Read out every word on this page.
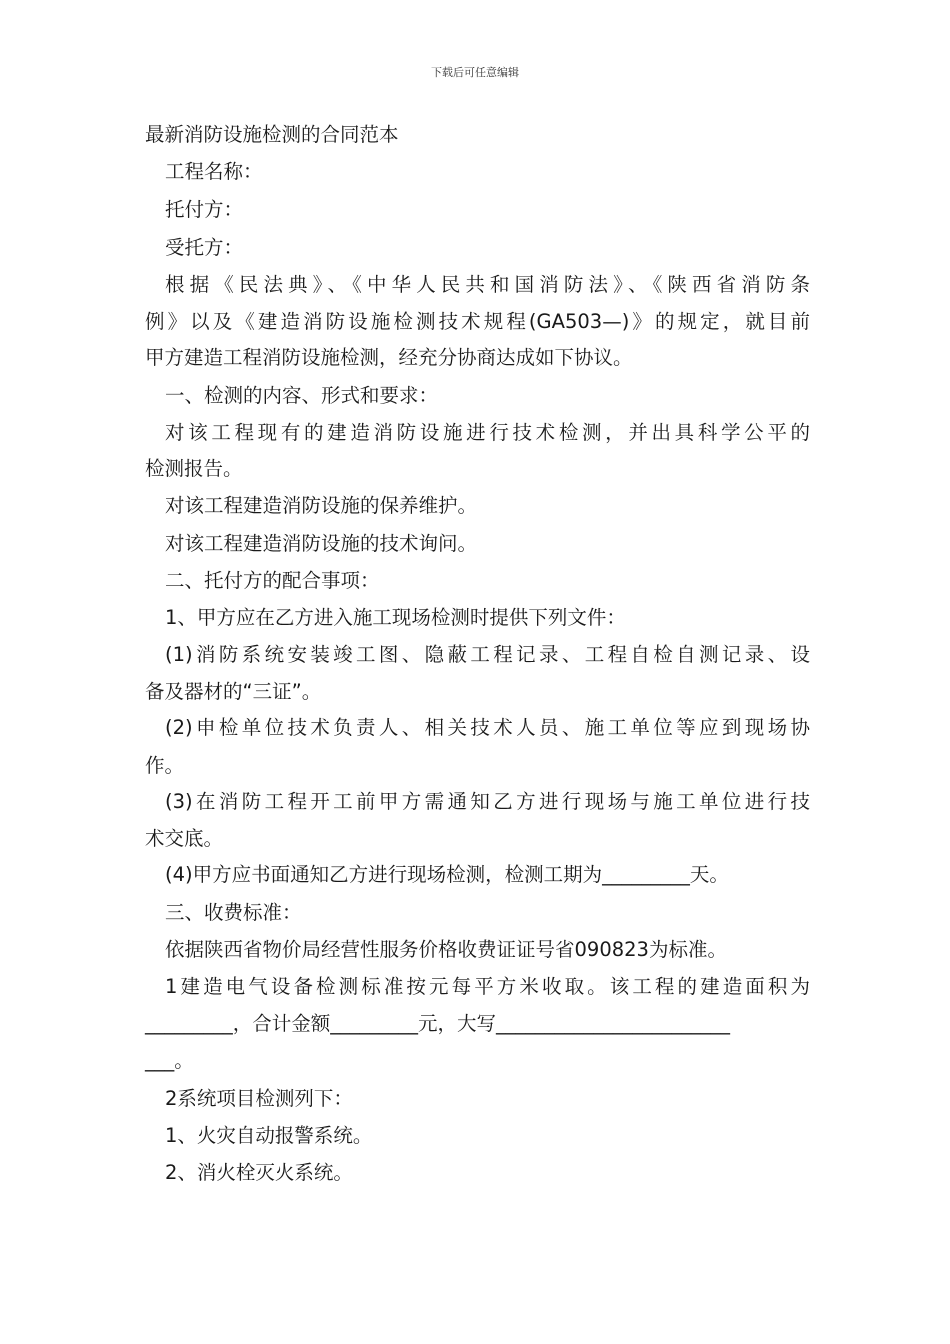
下载后可任意编辑
最新消防设施检测的合同范本
工程名称：
托付方：
受托方：
根据《民法典》、《中华人民共和国消防法》、《陕西省消防条
例》以及《建造消防设施检测技术规程(GA503—)》的规定，就目前
甲方建造工程消防设施检测，经充分协商达成如下协议。
一、检测的内容、形式和要求：
对该工程现有的建造消防设施进行技术检测，并出具科学公平的
检测报告。
对该工程建造消防设施的保养维护。
对该工程建造消防设施的技术询问。
二、托付方的配合事项：
1、甲方应在乙方进入施工现场检测时提供下列文件：
(1)消防系统安装竣工图、隐蔽工程记录、工程自检自测记录、设
备及器材的“三证”。
(2)申检单位技术负责人、相关技术人员、施工单位等应到现场协
作。
(3)在消防工程开工前甲方需通知乙方进行现场与施工单位进行技
术交底。
(4)甲方应书面通知乙方进行现场检测，检测工期为_________天。
三、收费标准：
依据陕西省物价局经营性服务价格收费证证号省090823为标准。
1建造电气设备检测标准按元每平方米收取。该工程的建造面积为
_________，合计金额_________元，大写________________________
___。
2系统项目检测列下：
1、火灾自动报警系统。
2、消火栓灭火系统。
